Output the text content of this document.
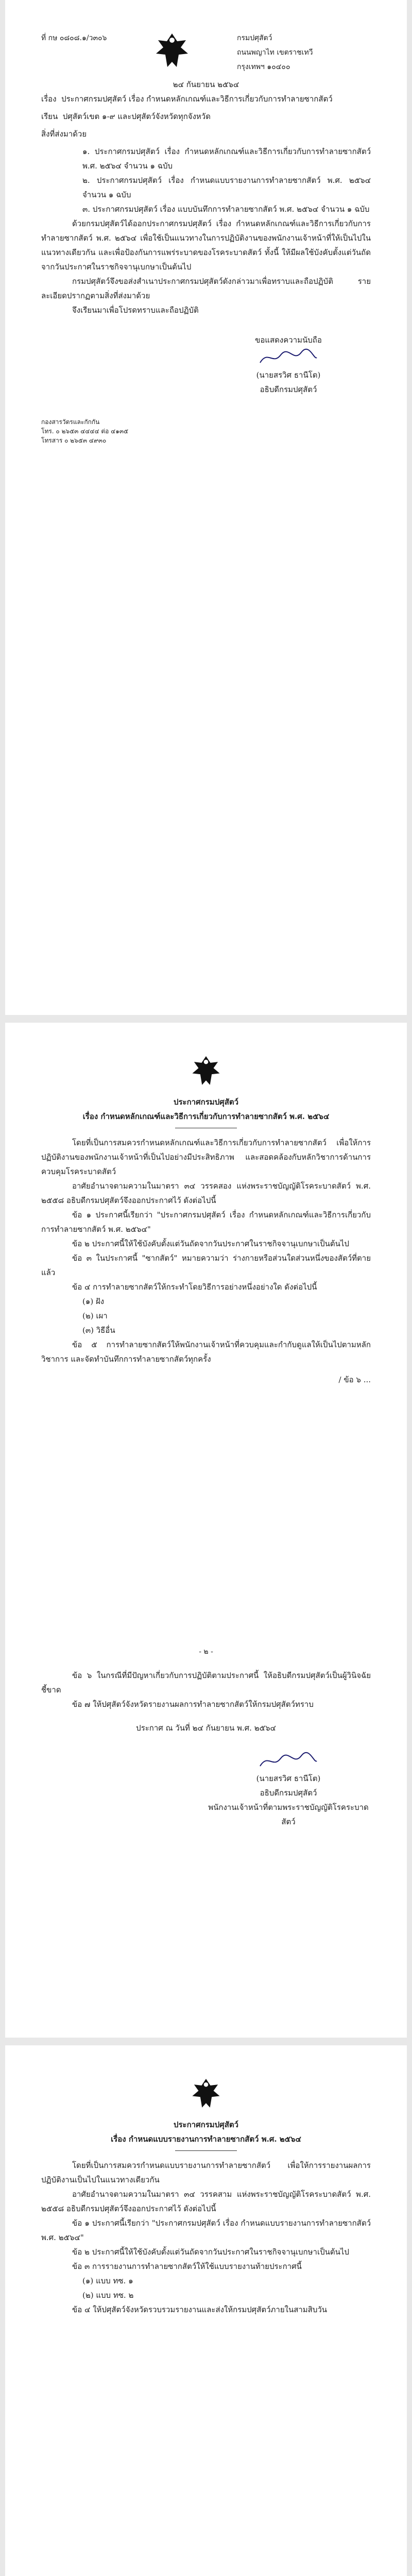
ที่ กษ ๐๘๐๘.๑/ว๓๐๖	กรมปศุสัตว์
ถนนพญาไท เขตราชเทวี
กรุงเทพฯ ๑๐๔๐๐
๒๔ กันยายน ๒๕๖๔

เรื่อง ประกาศกรมปศุสัตว์ เรื่อง กำหนดหลักเกณฑ์และวิธีการเกี่ยวกับการทำลายซากสัตว์

เรียน ปศุสัตว์เขต ๑-๙ และปศุสัตว์จังหวัดทุกจังหวัด

สิ่งที่ส่งมาด้วย

๑. ประกาศกรมปศุสัตว์ เรื่อง กำหนดหลักเกณฑ์และวิธีการเกี่ยวกับการทำลายซากสัตว์ พ.ศ. ๒๕๖๔ จำนวน ๑ ฉบับ

๒. ประกาศกรมปศุสัตว์ เรื่อง กำหนดแบบรายงานการทำลายซากสัตว์ พ.ศ. ๒๕๖๔ จำนวน ๑ ฉบับ

๓. ประกาศกรมปศุสัตว์ เรื่อง แบบบันทึกการทำลายซากสัตว์ พ.ศ. ๒๕๖๔ จำนวน ๑ ฉบับ

ด้วยกรมปศุสัตว์ได้ออกประกาศกรมปศุสัตว์ เรื่อง กำหนดหลักเกณฑ์และวิธีการเกี่ยวกับการทำลายซากสัตว์ พ.ศ. ๒๕๖๔ เพื่อใช้เป็นแนวทางในการปฏิบัติงานของพนักงานเจ้าหน้าที่ให้เป็นไปในแนวทางเดียวกัน และเพื่อป้องกันการแพร่ระบาดของโรคระบาดสัตว์ ทั้งนี้ ให้มีผลใช้บังคับตั้งแต่วันถัดจากวันประกาศในราชกิจจานุเบกษาเป็นต้นไป

กรมปศุสัตว์จึงขอส่งสำเนาประกาศกรมปศุสัตว์ดังกล่าวมาเพื่อทราบและถือปฏิบัติ รายละเอียดปรากฏตามสิ่งที่ส่งมาด้วย

จึงเรียนมาเพื่อโปรดทราบและถือปฏิบัติ

ขอแสดงความนับถือ
(นายสรวิศ ธานีโต)
อธิบดีกรมปศุสัตว์
กองสารวัตรและกักกัน
โทร. ๐ ๒๖๕๓ ๔๔๔๔ ต่อ ๔๑๓๕
โทรสาร ๐ ๒๖๕๓ ๔๙๓๐
ประกาศกรมปศุสัตว์
เรื่อง กำหนดหลักเกณฑ์และวิธีการเกี่ยวกับการทำลายซากสัตว์ พ.ศ. ๒๕๖๔

โดยที่เป็นการสมควรกำหนดหลักเกณฑ์และวิธีการเกี่ยวกับการทำลายซากสัตว์ เพื่อให้การปฏิบัติงานของพนักงานเจ้าหน้าที่เป็นไปอย่างมีประสิทธิภาพ และสอดคล้องกับหลักวิชาการด้านการควบคุมโรคระบาดสัตว์

อาศัยอำนาจตามความในมาตรา ๓๔ วรรคสอง แห่งพระราชบัญญัติโรคระบาดสัตว์ พ.ศ. ๒๕๕๘ อธิบดีกรมปศุสัตว์จึงออกประกาศไว้ ดังต่อไปนี้

ข้อ ๑ ประกาศนี้เรียกว่า "ประกาศกรมปศุสัตว์ เรื่อง กำหนดหลักเกณฑ์และวิธีการเกี่ยวกับการทำลายซากสัตว์ พ.ศ. ๒๕๖๔"

ข้อ ๒ ประกาศนี้ให้ใช้บังคับตั้งแต่วันถัดจากวันประกาศในราชกิจจานุเบกษาเป็นต้นไป

ข้อ ๓ ในประกาศนี้ "ซากสัตว์" หมายความว่า ร่างกายหรือส่วนใดส่วนหนึ่งของสัตว์ที่ตายแล้ว

ข้อ ๔ การทำลายซากสัตว์ให้กระทำโดยวิธีการอย่างหนึ่งอย่างใด ดังต่อไปนี้

(๑) ฝัง

(๒) เผา

(๓) วิธีอื่น

ข้อ ๕ การทำลายซากสัตว์ให้พนักงานเจ้าหน้าที่ควบคุมและกำกับดูแลให้เป็นไปตามหลักวิชาการ และจัดทำบันทึกการทำลายซากสัตว์ทุกครั้ง

/ ข้อ ๖ ...
- ๒ -

ข้อ ๖ ในกรณีที่มีปัญหาเกี่ยวกับการปฏิบัติตามประกาศนี้ ให้อธิบดีกรมปศุสัตว์เป็นผู้วินิจฉัยชี้ขาด

ข้อ ๗ ให้ปศุสัตว์จังหวัดรายงานผลการทำลายซากสัตว์ให้กรมปศุสัตว์ทราบ

ประกาศ ณ วันที่ ๒๔ กันยายน พ.ศ. ๒๕๖๔
(นายสรวิศ ธานีโต)
อธิบดีกรมปศุสัตว์
พนักงานเจ้าหน้าที่ตามพระราชบัญญัติโรคระบาดสัตว์
ประกาศกรมปศุสัตว์
เรื่อง กำหนดแบบรายงานการทำลายซากสัตว์ พ.ศ. ๒๕๖๔

โดยที่เป็นการสมควรกำหนดแบบรายงานการทำลายซากสัตว์ เพื่อให้การรายงานผลการปฏิบัติงานเป็นไปในแนวทางเดียวกัน

อาศัยอำนาจตามความในมาตรา ๓๔ วรรคสาม แห่งพระราชบัญญัติโรคระบาดสัตว์ พ.ศ. ๒๕๕๘ อธิบดีกรมปศุสัตว์จึงออกประกาศไว้ ดังต่อไปนี้

ข้อ ๑ ประกาศนี้เรียกว่า "ประกาศกรมปศุสัตว์ เรื่อง กำหนดแบบรายงานการทำลายซากสัตว์ พ.ศ. ๒๕๖๔"

ข้อ ๒ ประกาศนี้ให้ใช้บังคับตั้งแต่วันถัดจากวันประกาศในราชกิจจานุเบกษาเป็นต้นไป

ข้อ ๓ การรายงานการทำลายซากสัตว์ให้ใช้แบบรายงานท้ายประกาศนี้

(๑) แบบ ทซ. ๑

(๒) แบบ ทซ. ๒

ข้อ ๔ ให้ปศุสัตว์จังหวัดรวบรวมรายงานและส่งให้กรมปศุสัตว์ภายในสามสิบวัน
